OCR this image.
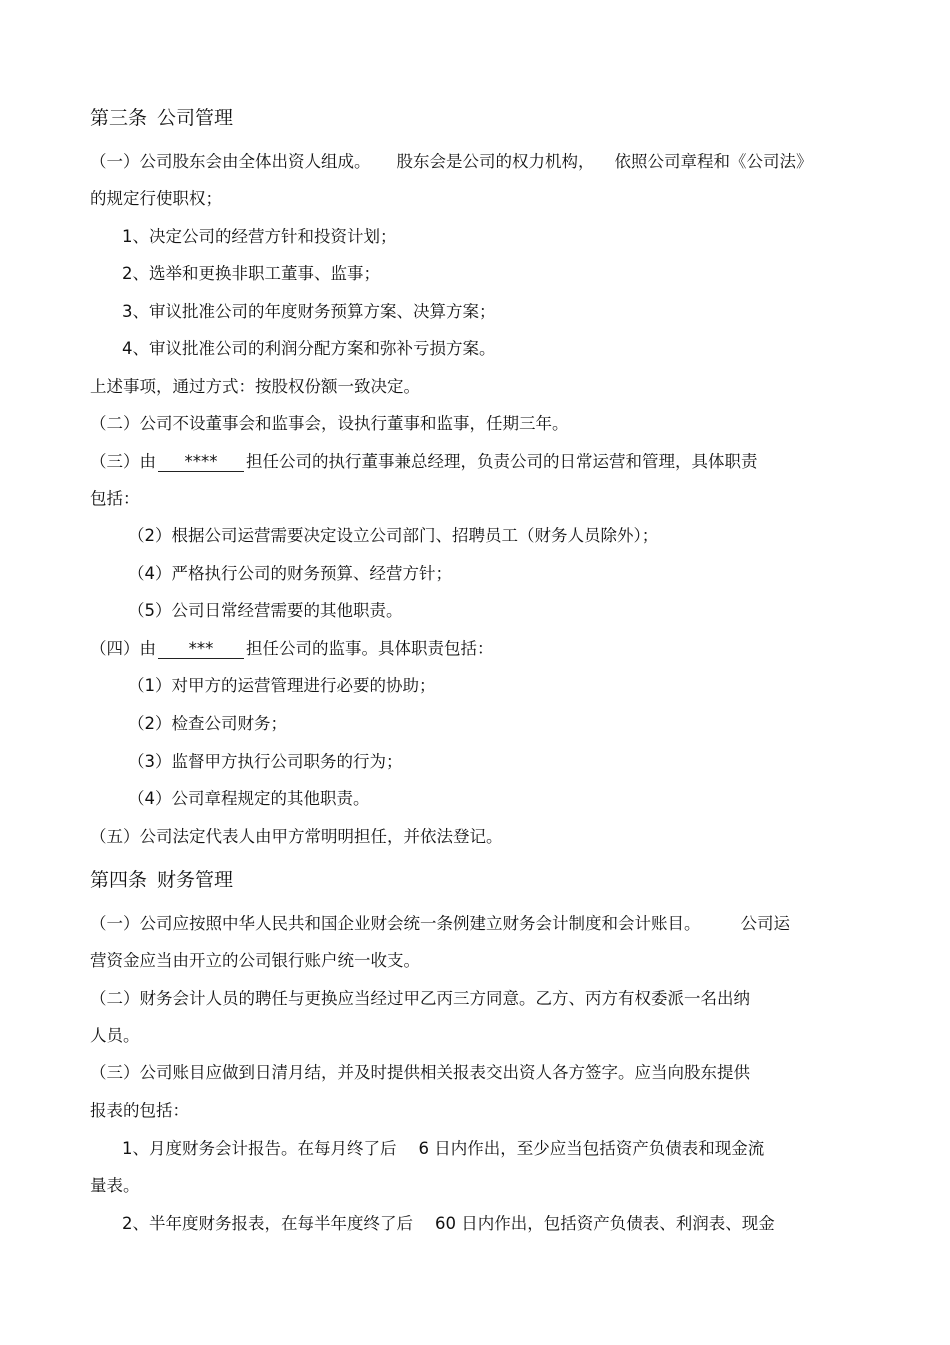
第三条 公司管理
（一）公司股东会由全体出资人组成。 股东会是公司的权力机构， 依照公司章程和《公司法》
的规定行使职权；
1、决定公司的经营方针和投资计划；
2、选举和更换非职工董事、监事；
3、审议批准公司的年度财务预算方案、决算方案；
4、审议批准公司的利润分配方案和弥补亏损方案。
上述事项，通过方式：按股权份额一致决定。
（二）公司不设董事会和监事会，设执行董事和监事，任期三年。
（三）由 **** 担任公司的执行董事兼总经理，负责公司的日常运营和管理，具体职责
包括：
（2）根据公司运营需要决定设立公司部门、招聘员工（财务人员除外）；
（4）严格执行公司的财务预算、经营方针；
（5）公司日常经营需要的其他职责。
（四）由 *** 担任公司的监事。具体职责包括：
（1）对甲方的运营管理进行必要的协助；
（2）检查公司财务；
（3）监督甲方执行公司职务的行为；
（4）公司章程规定的其他职责。
（五）公司法定代表人由甲方常明明担任，并依法登记。
第四条 财务管理
（一）公司应按照中华人民共和国企业财会统一条例建立财务会计制度和会计账目。 公司运
营资金应当由开立的公司银行账户统一收支。
（二）财务会计人员的聘任与更换应当经过甲乙丙三方同意。乙方、丙方有权委派一名出纳
人员。
（三）公司账目应做到日清月结，并及时提供相关报表交出资人各方签字。应当向股东提供
报表的包括：
1、月度财务会计报告。在每月终了后 6 日内作出，至少应当包括资产负债表和现金流
量表。
2、半年度财务报表，在每半年度终了后 60 日内作出，包括资产负债表、利润表、现金
